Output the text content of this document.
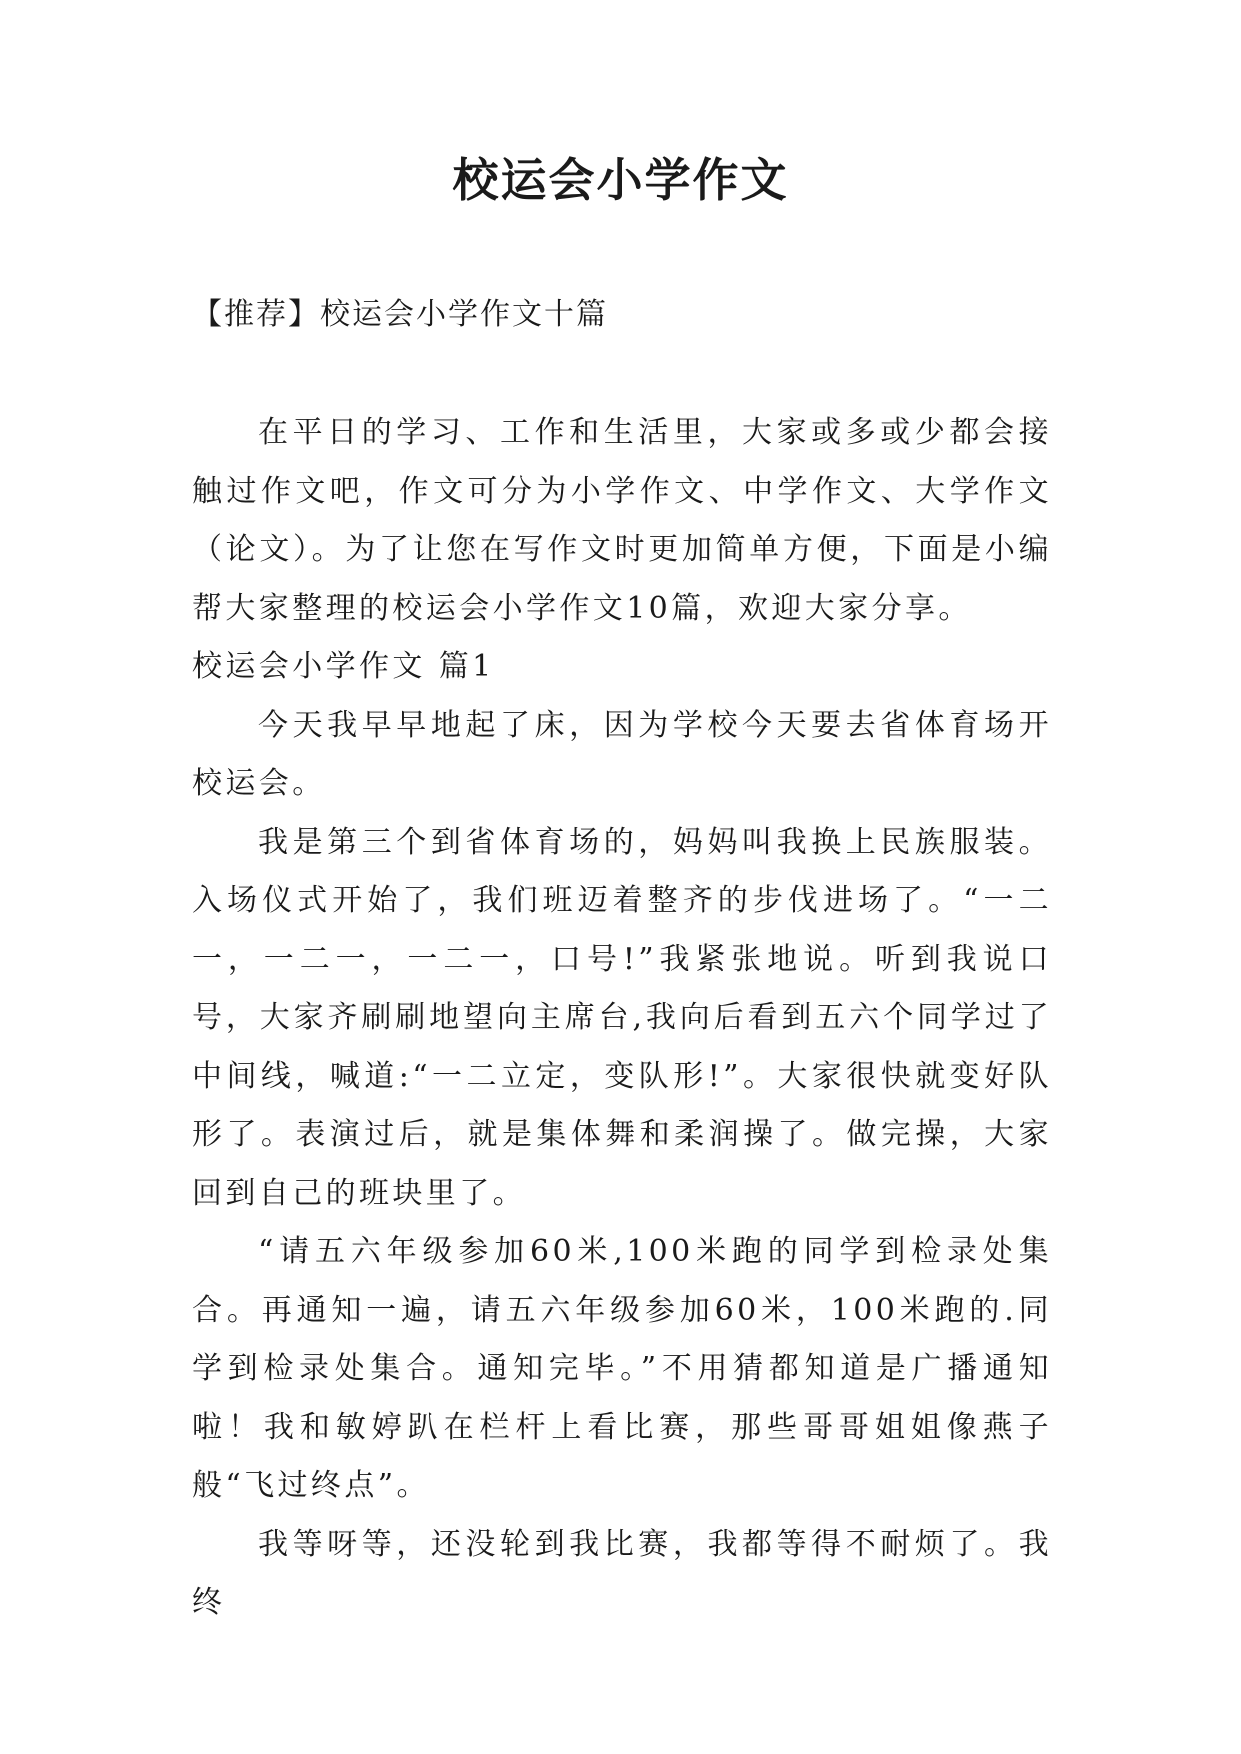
校运会小学作文
【推荐】校运会小学作文十篇

在平日的学习、工作和生活里，大家或多或少都会接触过作文吧，作文可分为小学作文、中学作文、大学作文（论文）。为了让您在写作文时更加简单方便，下面是小编帮大家整理的校运会小学作文10篇，欢迎大家分享。

校运会小学作文 篇1

今天我早早地起了床，因为学校今天要去省体育场开校运会。

我是第三个到省体育场的，妈妈叫我换上民族服装。入场仪式开始了，我们班迈着整齐的步伐进场了。“一二一，一二一，一二一，口号!”我紧张地说。听到我说口号，大家齐刷刷地望向主席台,我向后看到五六个同学过了中间线，喊道:“一二立定，变队形!”。大家很快就变好队形了。表演过后，就是集体舞和柔润操了。做完操，大家回到自己的班块里了。

“请五六年级参加60米,100米跑的同学到检录处集合。再通知一遍，请五六年级参加60米，100米跑的.同学到检录处集合。通知完毕。”不用猜都知道是广播通知啦！我和敏婷趴在栏杆上看比赛，那些哥哥姐姐像燕子般“飞过终点”。

我等呀等，还没轮到我比赛，我都等得不耐烦了。我终
